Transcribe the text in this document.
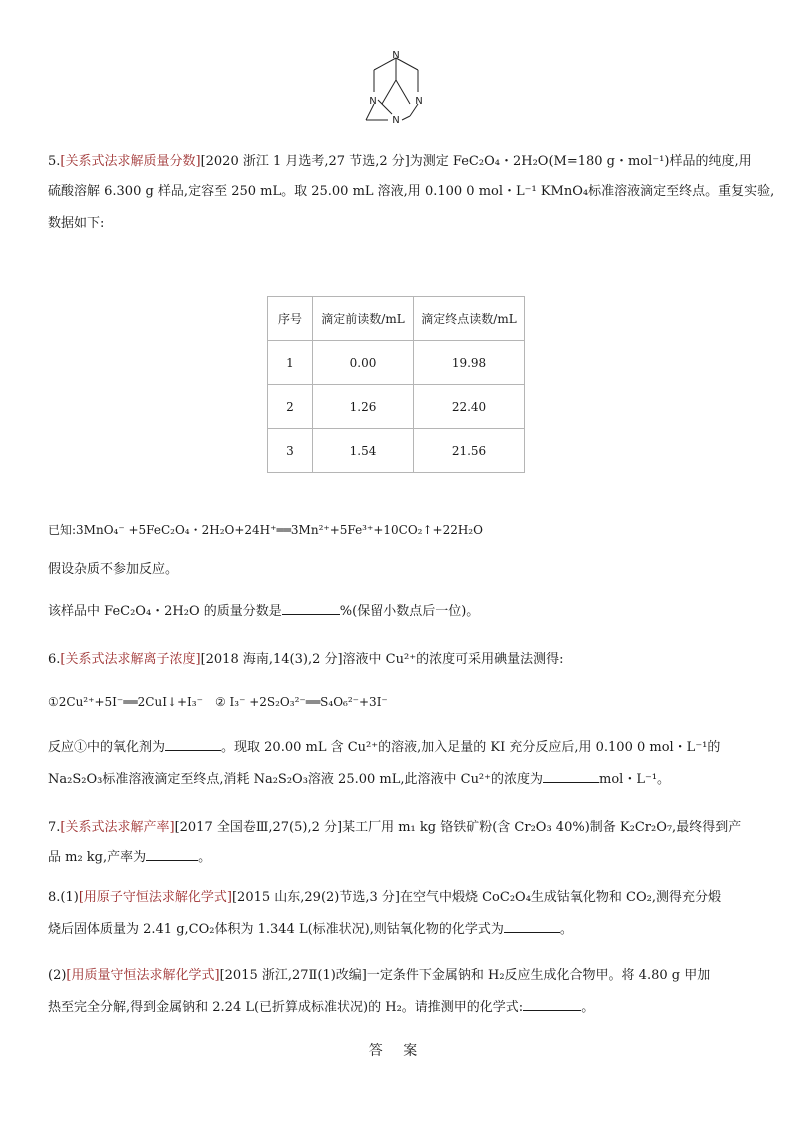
N
N	N
N
5.[关系式法求解质量分数][2020 浙江 1 月选考,27 节选,2 分]为测定 FeC₂O₄・2H₂O(M=180 g・mol⁻¹)样品的纯度,用
硫酸溶解 6.300 g 样品,定容至 250 mL。取 25.00 mL 溶液,用 0.100 0 mol・L⁻¹ KMnO₄标准溶液滴定至终点。重复实验,
数据如下:
序号	滴定前读数/mL	滴定终点读数/mL
1	0.00	19.98
2	1.26	22.40
3	1.54	21.56
已知:3MnO₄⁻ +5FeC₂O₄・2H₂O+24H⁺══3Mn²⁺+5Fe³⁺+10CO₂↑+22H₂O
假设杂质不参加反应。
该样品中 FeC₂O₄・2H₂O 的质量分数是	%(保留小数点后一位)。
6.[关系式法求解离子浓度][2018 海南,14(3),2 分]溶液中 Cu²⁺的浓度可采用碘量法测得:
①2Cu²⁺+5I⁻══2CuI↓+I₃⁻　② I₃⁻ +2S₂O₃²⁻══S₄O₆²⁻+3I⁻
反应①中的氧化剂为	。现取 20.00 mL 含 Cu²⁺的溶液,加入足量的 KI 充分反应后,用 0.100 0 mol・L⁻¹的
Na₂S₂O₃标准溶液滴定至终点,消耗 Na₂S₂O₃溶液 25.00 mL,此溶液中 Cu²⁺的浓度为	mol・L⁻¹。
7.[关系式法求解产率][2017 全国卷Ⅲ,27(5),2 分]某工厂用 m₁ kg 铬铁矿粉(含 Cr₂O₃ 40%)制备 K₂Cr₂O₇,最终得到产
品 m₂ kg,产率为	。
8.(1)[用原子守恒法求解化学式][2015 山东,29(2)节选,3 分]在空气中煅烧 CoC₂O₄生成钴氧化物和 CO₂,测得充分煅
烧后固体质量为 2.41 g,CO₂体积为 1.344 L(标准状况),则钴氧化物的化学式为	。
(2)[用质量守恒法求解化学式][2015 浙江,27Ⅱ(1)改编]一定条件下金属钠和 H₂反应生成化合物甲。将 4.80 g 甲加
热至完全分解,得到金属钠和 2.24 L(已折算成标准状况)的 H₂。请推测甲的化学式:	。
答 案
